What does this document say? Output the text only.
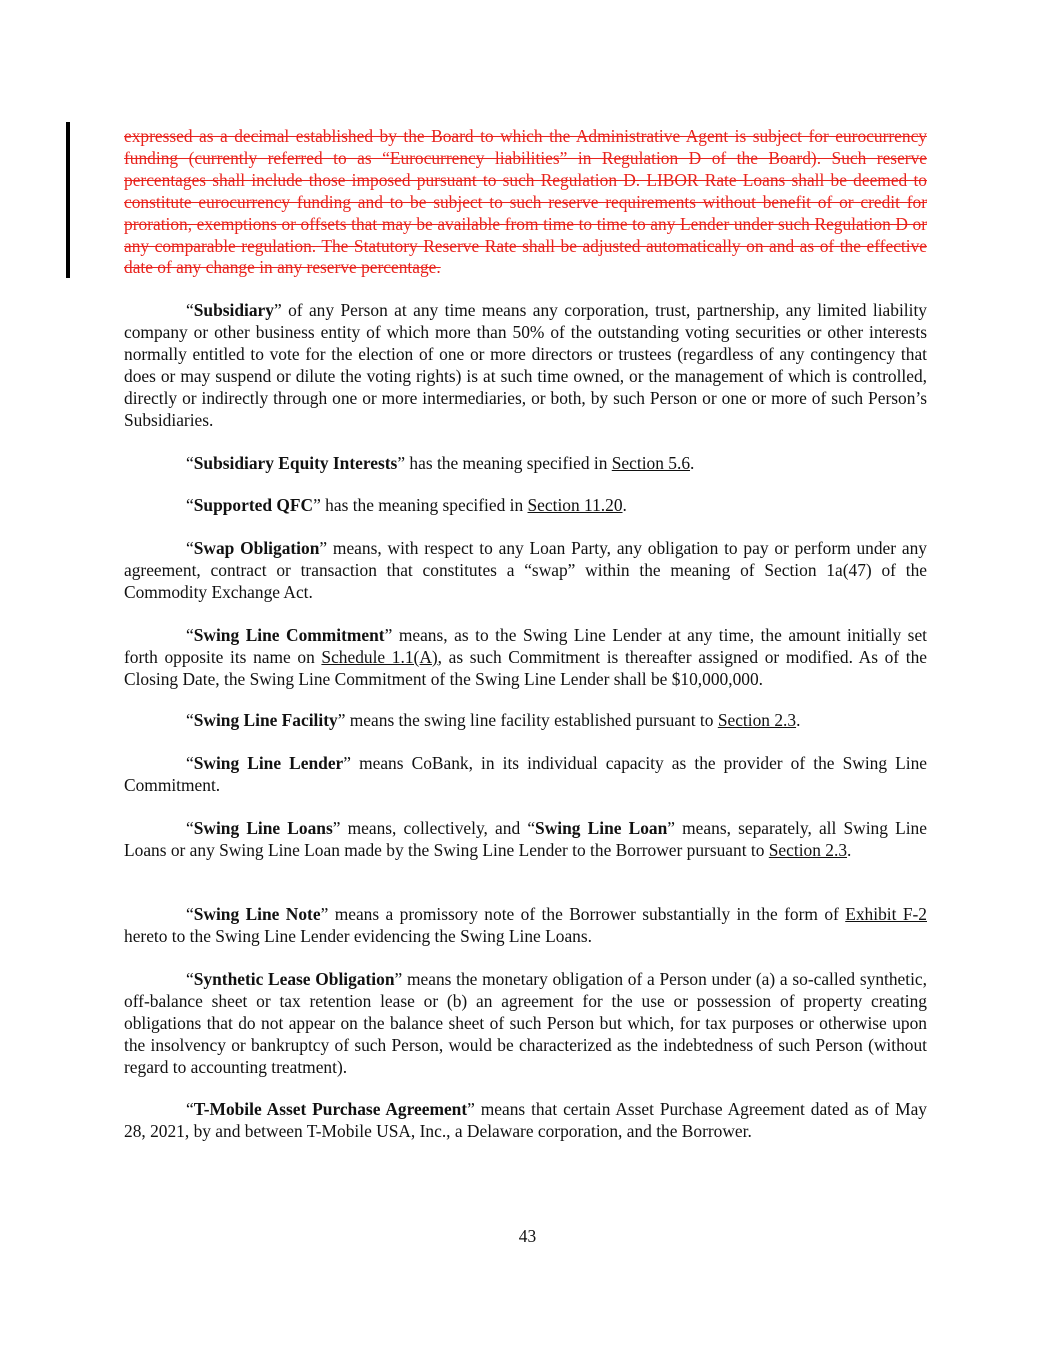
expressed as a decimal established by the Board to which the Administrative Agent is subject for eurocurrency funding (currently referred to as “Eurocurrency liabilities” in Regulation D of the Board). Such reserve percentages shall include those imposed pursuant to such Regulation D. LIBOR Rate Loans shall be deemed to constitute eurocurrency funding and to be subject to such reserve requirements without benefit of or credit for proration, exemptions or offsets that may be available from time to time to any Lender under such Regulation D or any comparable regulation. The Statutory Reserve Rate shall be adjusted automatically on and as of the effective date of any change in any reserve percentage.

“Subsidiary” of any Person at any time means any corporation, trust, partnership, any limited liability company or other business entity of which more than 50% of the outstanding voting securities or other interests normally entitled to vote for the election of one or more directors or trustees (regardless of any contingency that does or may suspend or dilute the voting rights) is at such time owned, or the management of which is controlled, directly or indirectly through one or more intermediaries, or both, by such Person or one or more of such Person’s Subsidiaries.

“Subsidiary Equity Interests” has the meaning specified in Section 5.6.

“Supported QFC” has the meaning specified in Section 11.20.

“Swap Obligation” means, with respect to any Loan Party, any obligation to pay or perform under any agreement, contract or transaction that constitutes a “swap” within the meaning of Section 1a(47) of the Commodity Exchange Act.

“Swing Line Commitment” means, as to the Swing Line Lender at any time, the amount initially set forth opposite its name on Schedule 1.1(A), as such Commitment is thereafter assigned or modified. As of the Closing Date, the Swing Line Commitment of the Swing Line Lender shall be $10,000,000.

“Swing Line Facility” means the swing line facility established pursuant to Section 2.3.

“Swing Line Lender” means CoBank, in its individual capacity as the provider of the Swing Line Commitment.

“Swing Line Loans” means, collectively, and “Swing Line Loan” means, separately, all Swing Line Loans or any Swing Line Loan made by the Swing Line Lender to the Borrower pursuant to Section 2.3.

“Swing Line Note” means a promissory note of the Borrower substantially in the form of Exhibit F-2 hereto to the Swing Line Lender evidencing the Swing Line Loans.

“Synthetic Lease Obligation” means the monetary obligation of a Person under (a) a so-called synthetic, off-balance sheet or tax retention lease or (b) an agreement for the use or possession of property creating obligations that do not appear on the balance sheet of such Person but which, for tax purposes or otherwise upon the insolvency or bankruptcy of such Person, would be characterized as the indebtedness of such Person (without regard to accounting treatment).

“T-Mobile Asset Purchase Agreement” means that certain Asset Purchase Agreement dated as of May 28, 2021, by and between T-Mobile USA, Inc., a Delaware corporation, and the Borrower.

43
